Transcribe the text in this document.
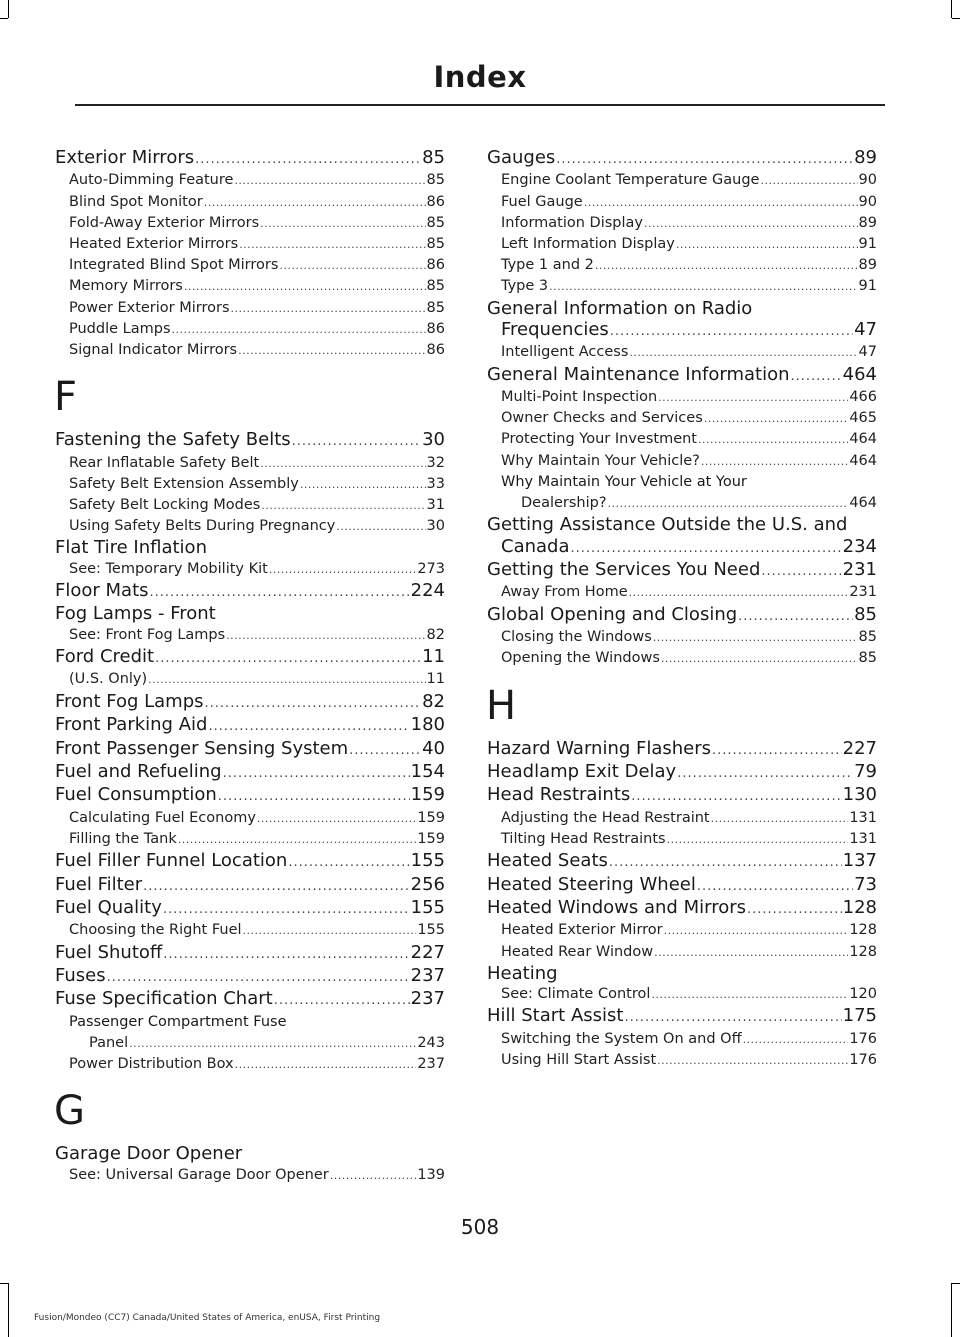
Index
Exterior Mirrors .....	85
Auto-Dimming Feature .....	85
Blind Spot Monitor .....	86
Fold-Away Exterior Mirrors .....	85
Heated Exterior Mirrors .....	85
Integrated Blind Spot Mirrors .....	86
Memory Mirrors .....	85
Power Exterior Mirrors .....	85
Puddle Lamps .....	86
Signal Indicator Mirrors .....	86
F
Fastening the Safety Belts .....	30
Rear Inflatable Safety Belt .....	32
Safety Belt Extension Assembly .....	33
Safety Belt Locking Modes .....	31
Using Safety Belts During Pregnancy .....	30
Flat Tire Inflation
See: Temporary Mobility Kit .....	273
Floor Mats .....	224
Fog Lamps - Front
See: Front Fog Lamps .....	82
Ford Credit .....	11
(U.S. Only) .....	11
Front Fog Lamps .....	82
Front Parking Aid .....	180
Front Passenger Sensing System .....	40
Fuel and Refueling .....	154
Fuel Consumption .....	159
Calculating Fuel Economy .....	159
Filling the Tank .....	159
Fuel Filler Funnel Location .....	155
Fuel Filter .....	256
Fuel Quality .....	155
Choosing the Right Fuel .....	155
Fuel Shutoff .....	227
Fuses .....	237
Fuse Specification Chart .....	237
Passenger Compartment Fuse
Panel .....	243
Power Distribution Box .....	237
G
Garage Door Opener
See: Universal Garage Door Opener .....	139
Gauges .....	89
Engine Coolant Temperature Gauge .....	90
Fuel Gauge .....	90
Information Display .....	89
Left Information Display .....	91
Type 1 and 2 .....	89
Type 3 .....	91
General Information on Radio
Frequencies .....	47
Intelligent Access .....	47
General Maintenance Information .....	464
Multi-Point Inspection .....	466
Owner Checks and Services .....	465
Protecting Your Investment .....	464
Why Maintain Your Vehicle? .....	464
Why Maintain Your Vehicle at Your
Dealership? .....	464
Getting Assistance Outside the U.S. and
Canada .....	234
Getting the Services You Need .....	231
Away From Home .....	231
Global Opening and Closing .....	85
Closing the Windows .....	85
Opening the Windows .....	85
H
Hazard Warning Flashers .....	227
Headlamp Exit Delay .....	79
Head Restraints .....	130
Adjusting the Head Restraint .....	131
Tilting Head Restraints .....	131
Heated Seats .....	137
Heated Steering Wheel .....	73
Heated Windows and Mirrors .....	128
Heated Exterior Mirror .....	128
Heated Rear Window .....	128
Heating
See: Climate Control .....	120
Hill Start Assist .....	175
Switching the System On and Off .....	176
Using Hill Start Assist .....	176
508
Fusion/Mondeo (CC7) Canada/United States of America, enUSA, First Printing
